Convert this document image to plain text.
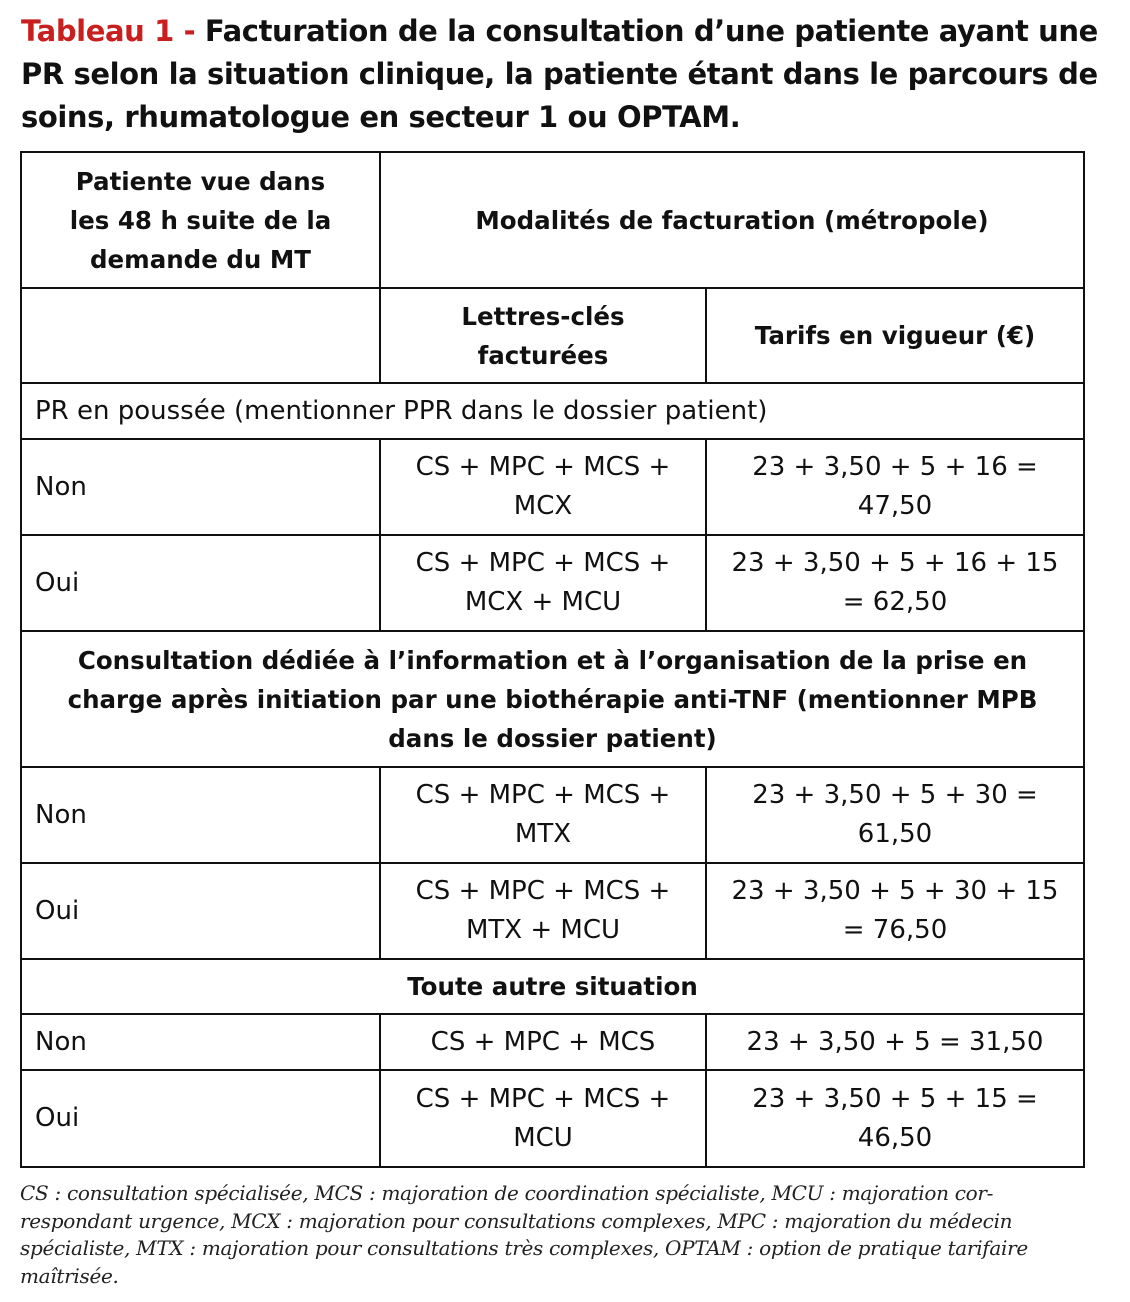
Tableau 1 - Facturation de la consultation d’une patiente ayant une PR selon la situation clinique, la patiente étant dans le parcours de soins, rhumatologue en secteur 1 ou OPTAM.
Patiente vue dans les 48 h suite de la demande du MT	Modalités de facturation (métropole)	
	Lettres-clés facturées	Tarifs en vigueur (€)
PR en poussée (mentionner PPR dans le dossier patient)		
Non	CS + MPC + MCS + MCX	23 + 3,50 + 5 + 16 = 47,50
Oui	CS + MPC + MCS + MCX + MCU	23 + 3,50 + 5 + 16 + 15 = 62,50
Consultation dédiée à l’information et à l’organisation de la prise en charge après initiation par une biothérapie anti-TNF (mentionner MPB dans le dossier patient)		
Non	CS + MPC + MCS + MTX	23 + 3,50 + 5 + 30 = 61,50
Oui	CS + MPC + MCS + MTX + MCU	23 + 3,50 + 5 + 30 + 15 = 76,50
Toute autre situation		
Non	CS + MPC + MCS	23 + 3,50 + 5 = 31,50
Oui	CS + MPC + MCS + MCU	23 + 3,50 + 5 + 15 = 46,50

CS : consultation spécialisée, MCS : majoration de coordination spécialiste, MCU : majoration cor-respondant urgence, MCX : majoration pour consultations complexes, MPC : majoration du médecin spécialiste, MTX : majoration pour consultations très complexes, OPTAM : option de pratique tarifaire maîtrisée.
